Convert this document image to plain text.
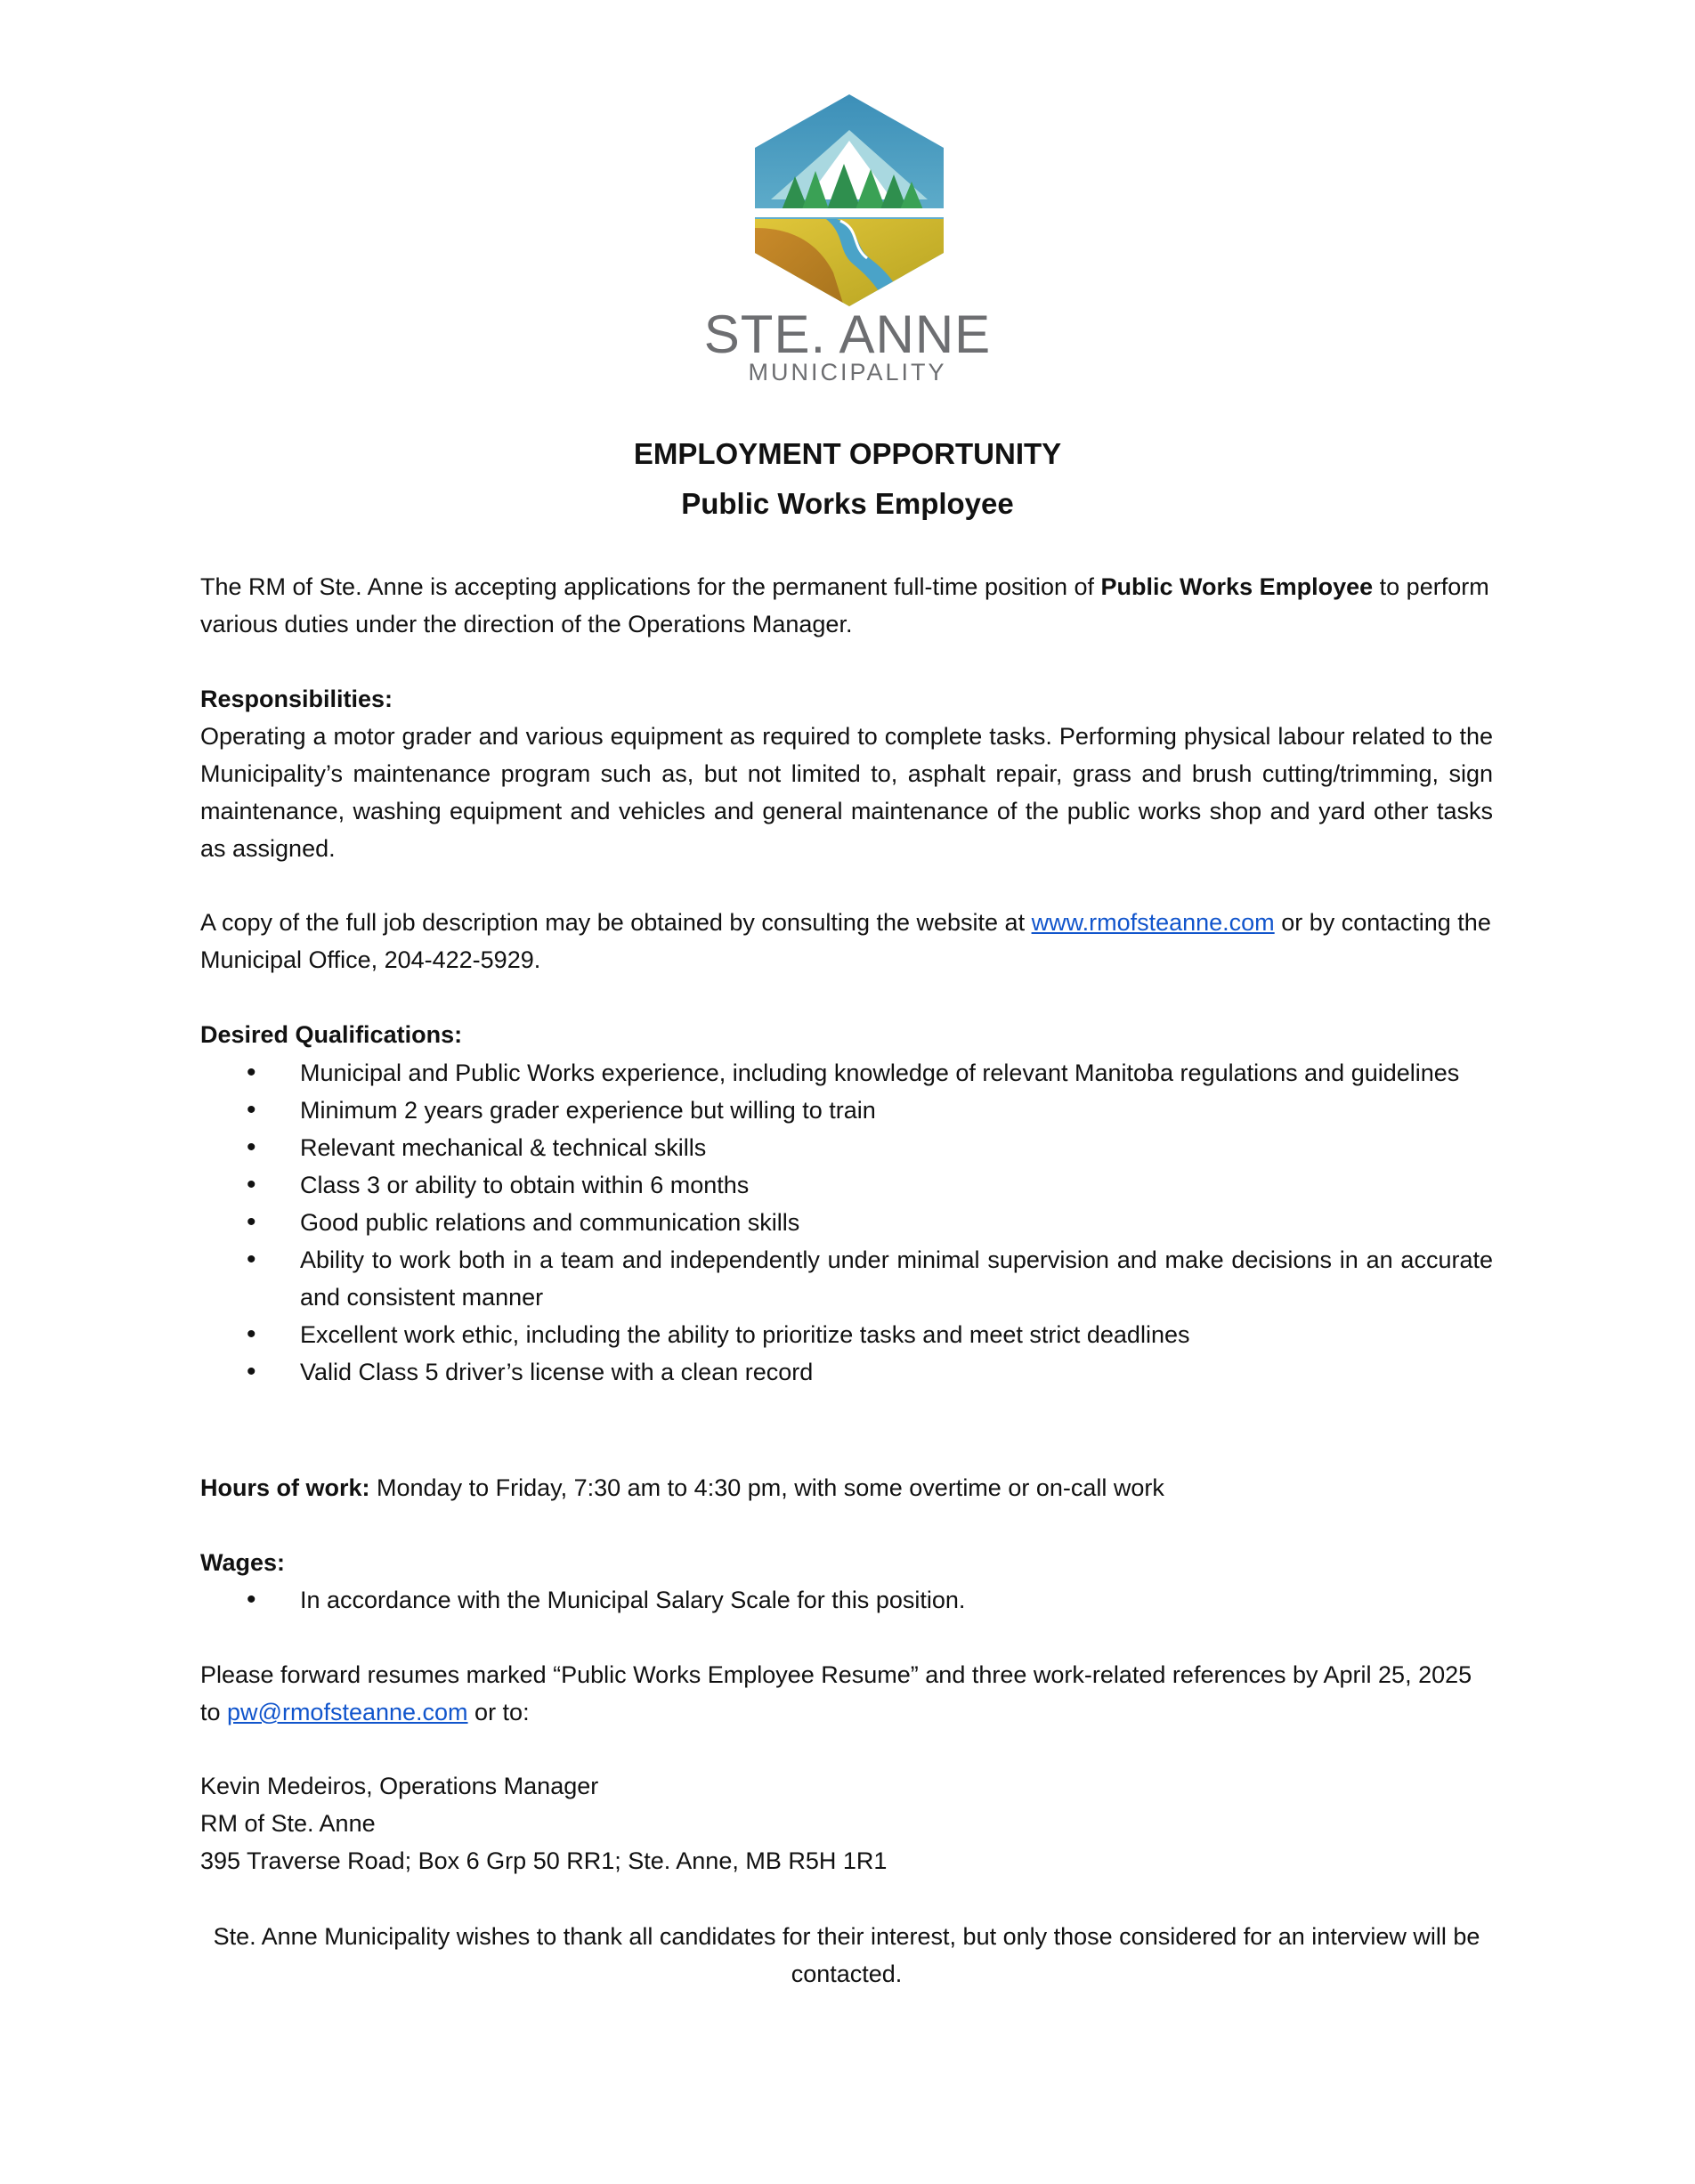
STE. ANNE
MUNICIPALITY
EMPLOYMENT OPPORTUNITY
Public Works Employee
The RM of Ste. Anne is accepting applications for the permanent full-time position of Public Works Employee to perform various duties under the direction of the Operations Manager.
Responsibilities:
Operating a motor grader and various equipment as required to complete tasks. Performing physical labour related to the Municipality’s maintenance program such as, but not limited to, asphalt repair, grass and brush cutting/trimming, sign maintenance, washing equipment and vehicles and general maintenance of the public works shop and yard other tasks as assigned.
A copy of the full job description may be obtained by consulting the website at www.rmofsteanne.com or by contacting the Municipal Office, 204-422-5929.
Desired Qualifications:
• Municipal and Public Works experience, including knowledge of relevant Manitoba regulations and guidelines
• Minimum 2 years grader experience but willing to train
• Relevant mechanical & technical skills
• Class 3 or ability to obtain within 6 months
• Good public relations and communication skills
• Ability to work both in a team and independently under minimal supervision and make decisions in an accurate and consistent manner
• Excellent work ethic, including the ability to prioritize tasks and meet strict deadlines
• Valid Class 5 driver’s license with a clean record
Hours of work: Monday to Friday, 7:30 am to 4:30 pm, with some overtime or on-call work
Wages:
• In accordance with the Municipal Salary Scale for this position.
Please forward resumes marked “Public Works Employee Resume” and three work-related references by April 25, 2025 to pw@rmofsteanne.com or to:
Kevin Medeiros, Operations Manager
RM of Ste. Anne
395 Traverse Road; Box 6 Grp 50 RR1; Ste. Anne, MB R5H 1R1
Ste. Anne Municipality wishes to thank all candidates for their interest, but only those considered for an interview will be contacted.
